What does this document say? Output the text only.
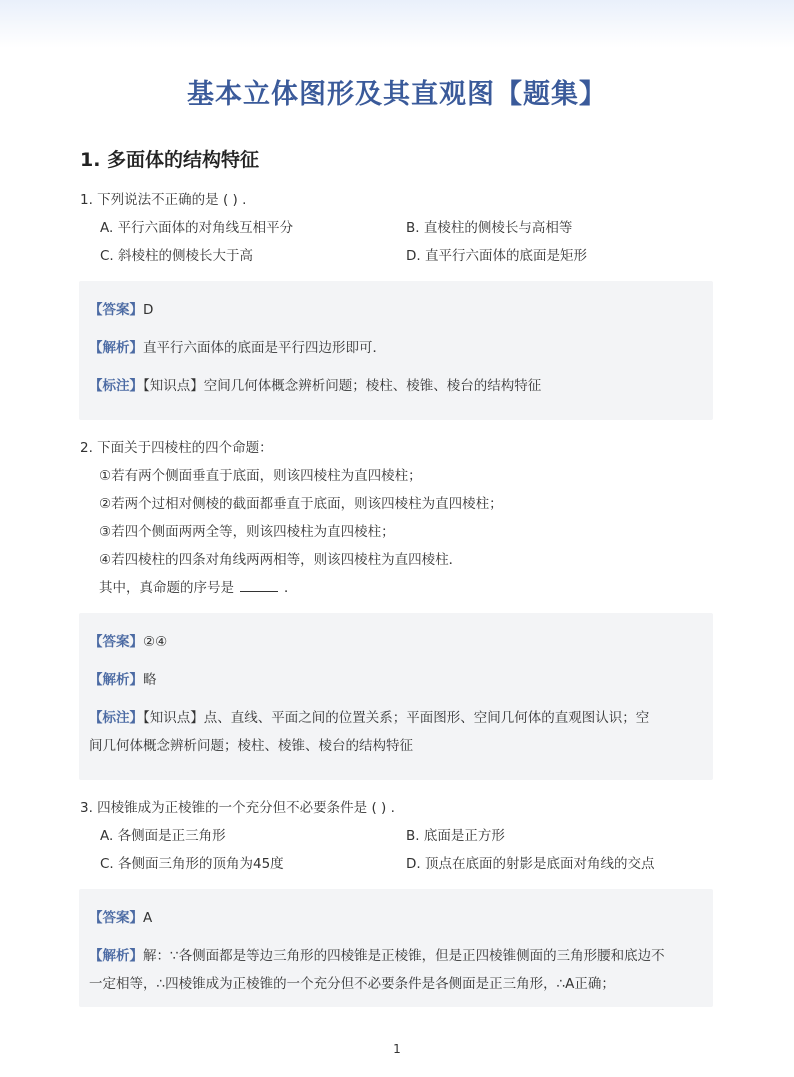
基本立体图形及其直观图【题集】
1. 多面体的结构特征
1. 下列说法不正确的是 ( ) .
A. 平行六面体的对角线互相平分	B. 直棱柱的侧棱长与高相等
C. 斜棱柱的侧棱长大于高	D. 直平行六面体的底面是矩形
【答案】D
【解析】直平行六面体的底面是平行四边形即可．
【标注】【知识点】空间几何体概念辨析问题；棱柱、棱锥、棱台的结构特征
2. 下面关于四棱柱的四个命题：
①若有两个侧面垂直于底面，则该四棱柱为直四棱柱；
②若两个过相对侧棱的截面都垂直于底面，则该四棱柱为直四棱柱；
③若四个侧面两两全等，则该四棱柱为直四棱柱；
④若四棱柱的四条对角线两两相等，则该四棱柱为直四棱柱．
其中，真命题的序号是	．
【答案】②④
【解析】略
【标注】【知识点】点、直线、平面之间的位置关系；平面图形、空间几何体的直观图认识；空
间几何体概念辨析问题；棱柱、棱锥、棱台的结构特征
3. 四棱锥成为正棱锥的一个充分但不必要条件是 ( ) .
A. 各侧面是正三角形	B. 底面是正方形
C. 各侧面三角形的顶角为45度	D. 顶点在底面的射影是底面对角线的交点
【答案】A
【解析】解：∵各侧面都是等边三角形的四棱锥是正棱锥，但是正四棱锥侧面的三角形腰和底边不
一定相等，∴四棱锥成为正棱锥的一个充分但不必要条件是各侧面是正三角形，∴A正确；
1
